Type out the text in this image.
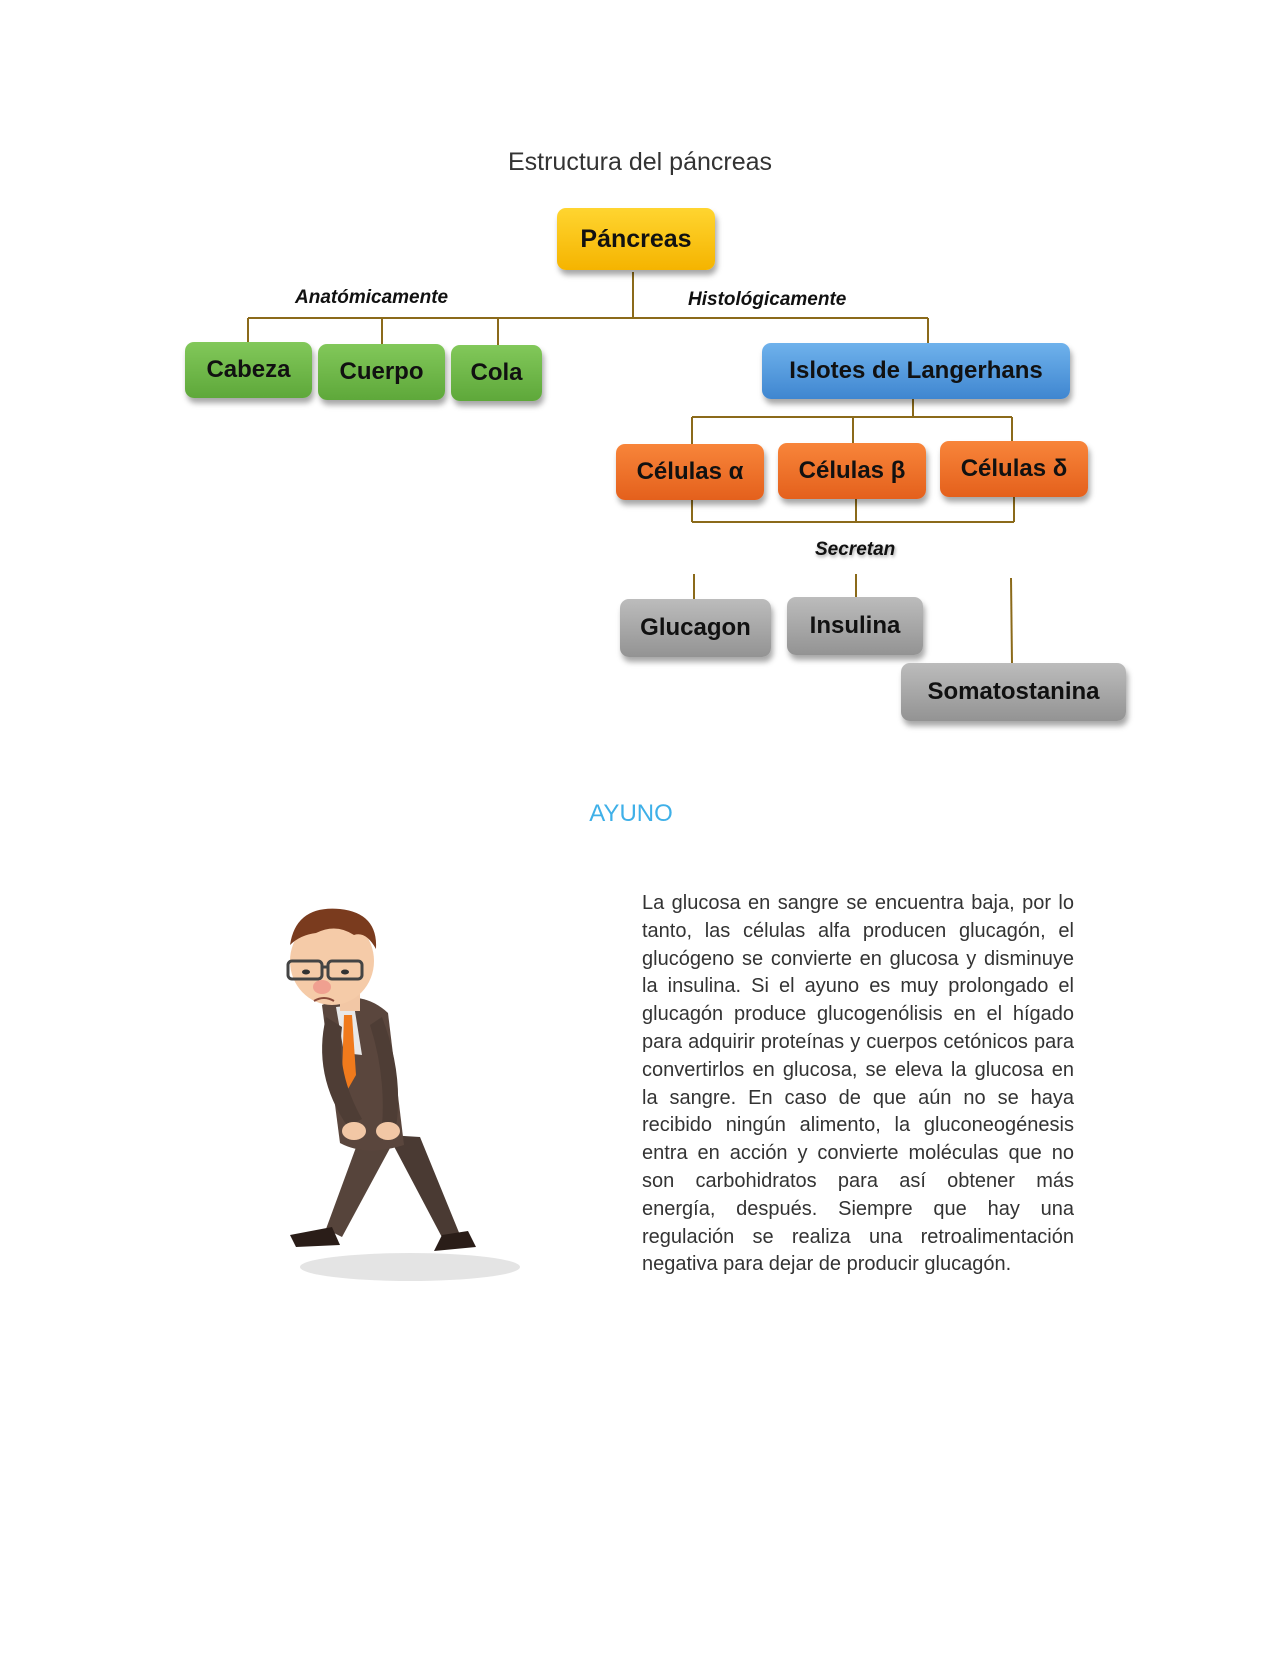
Estructura del páncreas
Páncreas
Anatómicamente	Histológicamente
Cabeza	Cuerpo	Cola	Islotes de Langerhans
Células α	Células β	Células δ
Secretan
Glucagon	Insulina
Somatostanina
AYUNO

La glucosa en sangre se encuentra baja, por lo tanto, las células alfa producen glucagón, el glucógeno se convierte en glucosa y disminuye la insulina. Si el ayuno es muy prolongado el glucagón produce glucogenólisis en el hígado para adquirir proteínas y cuerpos cetónicos para convertirlos en glucosa, se eleva la glucosa en la sangre. En caso de que aún no se haya recibido ningún alimento, la gluconeogénesis entra en acción y convierte moléculas que no son carbohidratos para así obtener más energía, después. Siempre que hay una regulación se realiza una retroalimentación negativa para dejar de producir glucagón.
